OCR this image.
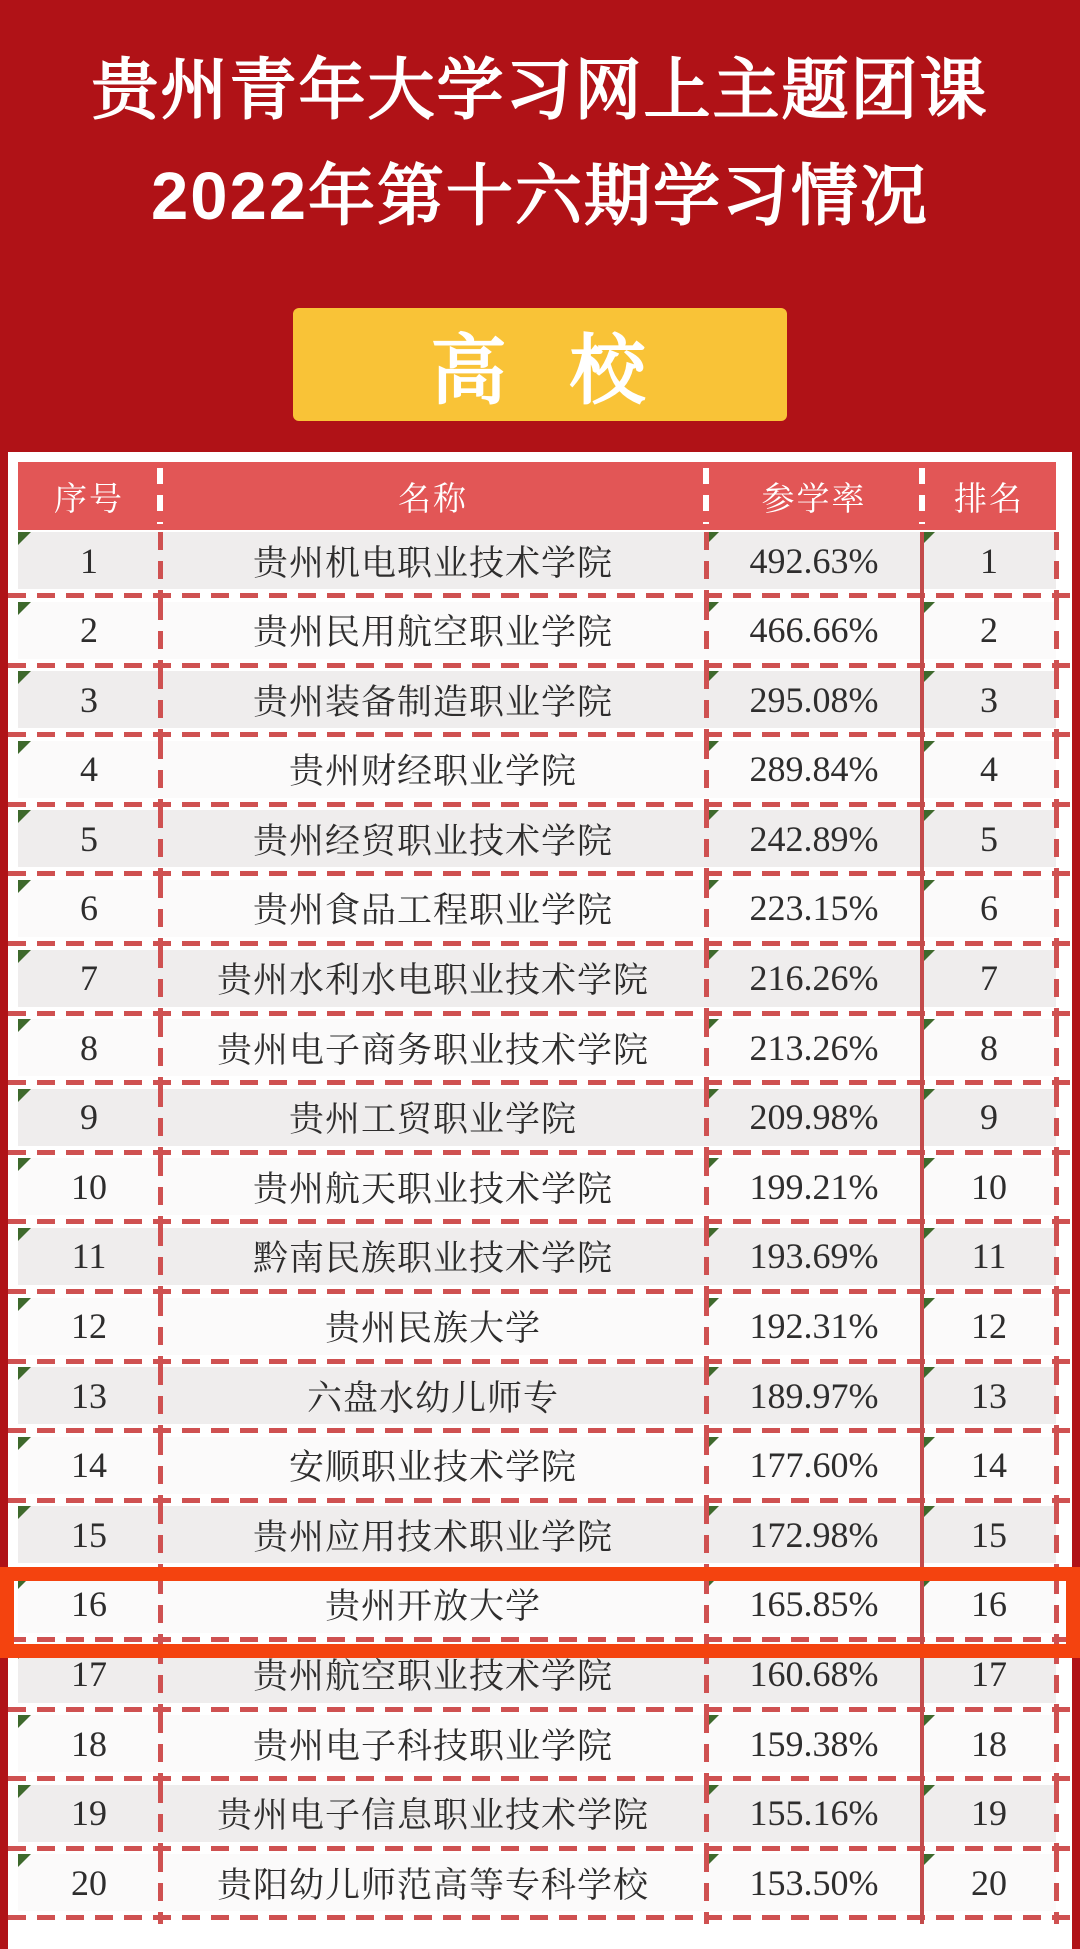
贵州青年大学习网上主题团课
2022年第十六期学习情况
高 校
序号	名称	参学率	排名
1	贵州机电职业技术学院	492.63%	1
2	贵州民用航空职业学院	466.66%	2
3	贵州装备制造职业学院	295.08%	3
4	贵州财经职业学院	289.84%	4
5	贵州经贸职业技术学院	242.89%	5
6	贵州食品工程职业学院	223.15%	6
7	贵州水利水电职业技术学院	216.26%	7
8	贵州电子商务职业技术学院	213.26%	8
9	贵州工贸职业学院	209.98%	9
10	贵州航天职业技术学院	199.21%	10
11	黔南民族职业技术学院	193.69%	11
12	贵州民族大学	192.31%	12
13	六盘水幼儿师专	189.97%	13
14	安顺职业技术学院	177.60%	14
15	贵州应用技术职业学院	172.98%	15
16	贵州开放大学	165.85%	16
17	贵州航空职业技术学院	160.68%	17
18	贵州电子科技职业学院	159.38%	18
19	贵州电子信息职业技术学院	155.16%	19
20	贵阳幼儿师范高等专科学校	153.50%	20
